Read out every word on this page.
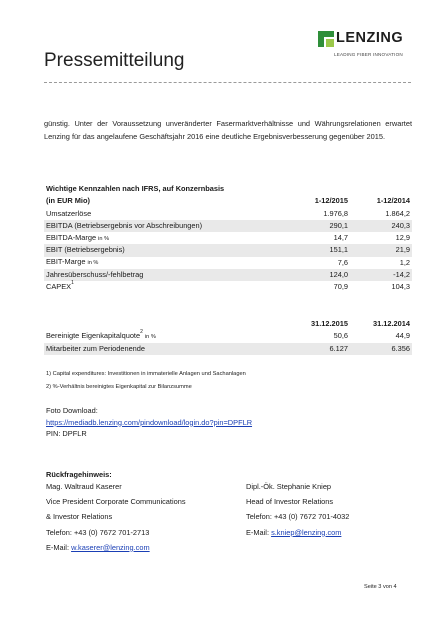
Pressemitteilung
LENZING
LEADING FIBER INNOVATION
günstig. Unter der Voraussetzung unveränderter Fasermarktverhältnisse und Währungsrelationen erwartet Lenzing für das angelaufene Geschäftsjahr 2016 eine deutliche Ergebnisverbesserung gegenüber 2015.
Wichtige Kennzahlen nach IFRS, auf Konzernbasis
(in EUR Mio)	1-12/2015	1-12/2014
Umsatzerlöse	1.976,8	1.864,2
EBITDA (Betriebsergebnis vor Abschreibungen)	290,1	240,3
EBITDA-Marge in %	14,7	12,9
EBIT (Betriebsergebnis)	151,1	21,9
EBIT-Marge in %	7,6	1,2
Jahresüberschuss/-fehlbetrag	124,0	-14,2
CAPEX$^1$	70,9	104,3
31.12.2015	31.12.2014
Bereinigte Eigenkapitalquote$^2$ in %	50,6	44,9
Mitarbeiter zum Periodenende	6.127	6.356
1) Capital expenditures: Investitionen in immaterielle Anlagen und Sachanlagen
2) %-Verhältnis bereinigtes Eigenkapital zur Bilanzsumme
Foto Download:
https://mediadb.lenzing.com/pindownload/login.do?pin=DPFLR
PIN: DPFLR
Rückfragehinweis:
Mag. Waltraud Kaserer
Vice President Corporate Communications
& Investor Relations
Telefon: +43 (0) 7672 701-2713
E-Mail: w.kaserer@lenzing.com
Dipl.-Ök. Stephanie Kniep
Head of Investor Relations
Telefon: +43 (0) 7672 701-4032
E-Mail: s.kniep@lenzing.com
Seite 3 von 4
